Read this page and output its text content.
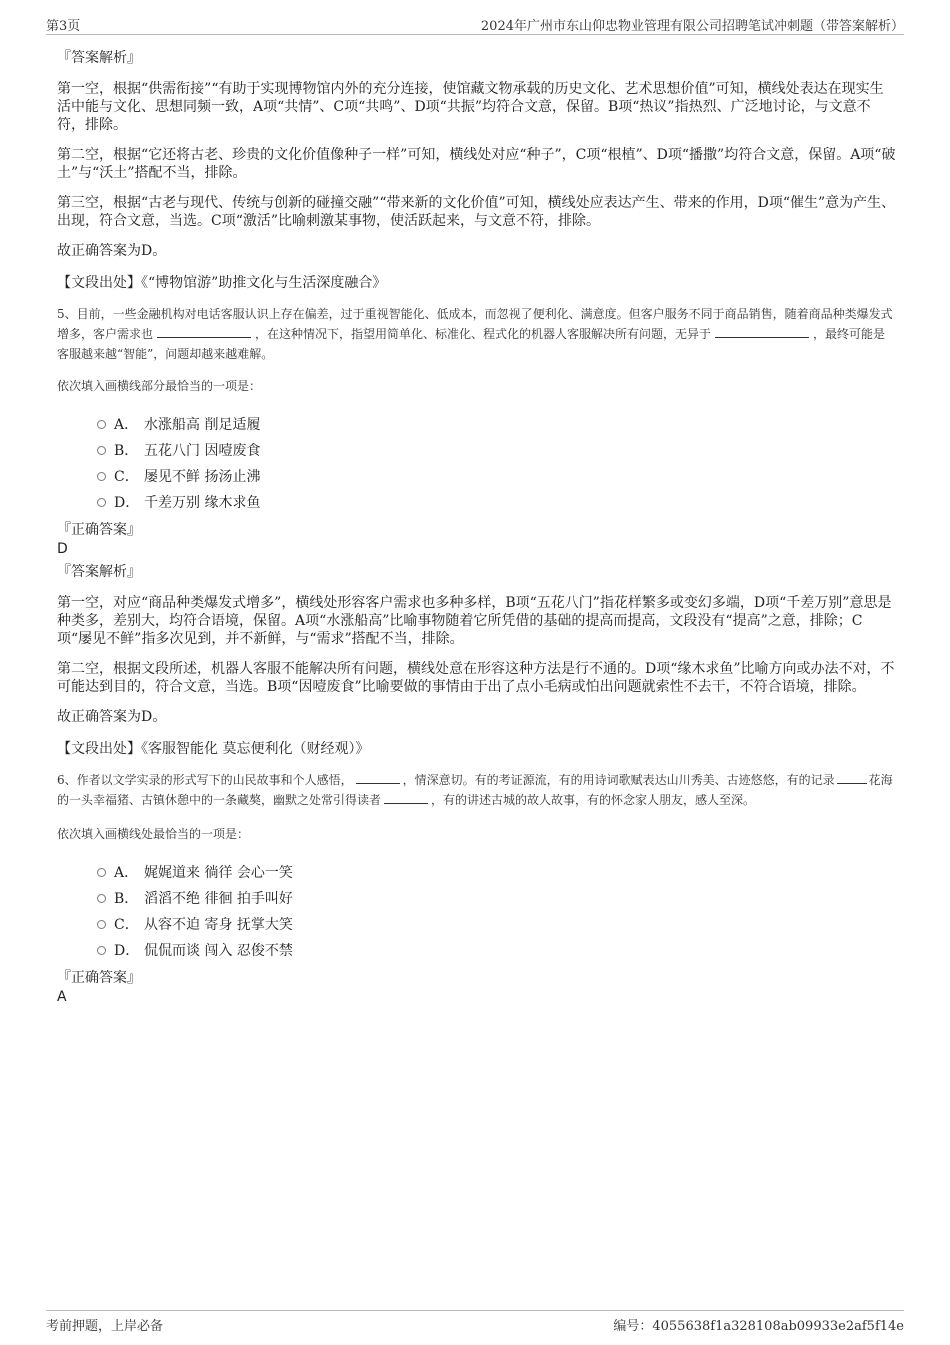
第3页	2024年广州市东山仰忠物业管理有限公司招聘笔试冲刺题（带答案解析）

『答案解析』

第一空，根据“供需衔接”“有助于实现博物馆内外的充分连接，使馆藏文物承载的历史文化、艺术思想价值”可知，横线处表达在现实生活中能与文化、思想同频一致，A项“共情”、C项“共鸣”、D项“共振”均符合文意，保留。B项“热议”指热烈、广泛地讨论，与文意不符，排除。

第二空，根据“它还将古老、珍贵的文化价值像种子一样”可知，横线处对应“种子”，C项“根植”、D项“播撒”均符合文意，保留。A项“破土”与“沃土”搭配不当，排除。

第三空，根据“古老与现代、传统与创新的碰撞交融”“带来新的文化价值”可知，横线处应表达产生、带来的作用，D项“催生”意为产生、出现，符合文意，当选。C项“激活”比喻刺激某事物，使活跃起来，与文意不符，排除。

故正确答案为D。

【文段出处】《“博物馆游”助推文化与生活深度融合》

5、目前，一些金融机构对电话客服认识上存在偏差，过于重视智能化、低成本，而忽视了便利化、满意度。但客户服务不同于商品销售，随着商品种类爆发式增多，客户需求也	，在这种情况下，指望用简单化、标准化、程式化的机器人客服解决所有问题，无异于	，最终可能是客服越来越“智能”，问题却越来越难解。

依次填入画横线部分最恰当的一项是：

A． 水涨船高 削足适履
B． 五花八门 因噎废食
C． 屡见不鲜 扬汤止沸
D． 千差万别 缘木求鱼

『正确答案』

D

『答案解析』

第一空，对应“商品种类爆发式增多”，横线处形容客户需求也多种多样，B项“五花八门”指花样繁多或变幻多端，D项“千差万别”意思是种类多，差别大，均符合语境，保留。A项“水涨船高”比喻事物随着它所凭借的基础的提高而提高，文段没有“提高”之意，排除；C项“屡见不鲜”指多次见到，并不新鲜，与“需求”搭配不当，排除。

第二空，根据文段所述，机器人客服不能解决所有问题，横线处意在形容这种方法是行不通的。D项“缘木求鱼”比喻方向或办法不对，不可能达到目的，符合文意，当选。B项“因噎废食”比喻要做的事情由于出了点小毛病或怕出问题就索性不去干，不符合语境，排除。

故正确答案为D。

【文段出处】《客服智能化 莫忘便利化（财经观）》

6、作者以文学实录的形式写下的山民故事和个人感悟，	，情深意切。有的考证源流，有的用诗词歌赋表达山川秀美、古迹悠悠，有的记录	花海的一头幸福猪、古镇休憩中的一条藏獒，幽默之处常引得读者	，有的讲述古城的故人故事，有的怀念家人朋友，感人至深。

依次填入画横线处最恰当的一项是：

A． 娓娓道来 徜徉 会心一笑
B． 滔滔不绝 徘徊 拍手叫好
C． 从容不迫 寄身 抚掌大笑
D． 侃侃而谈 闯入 忍俊不禁

『正确答案』

A

考前押题，上岸必备	编号：4055638f1a328108ab09933e2af5f14e
